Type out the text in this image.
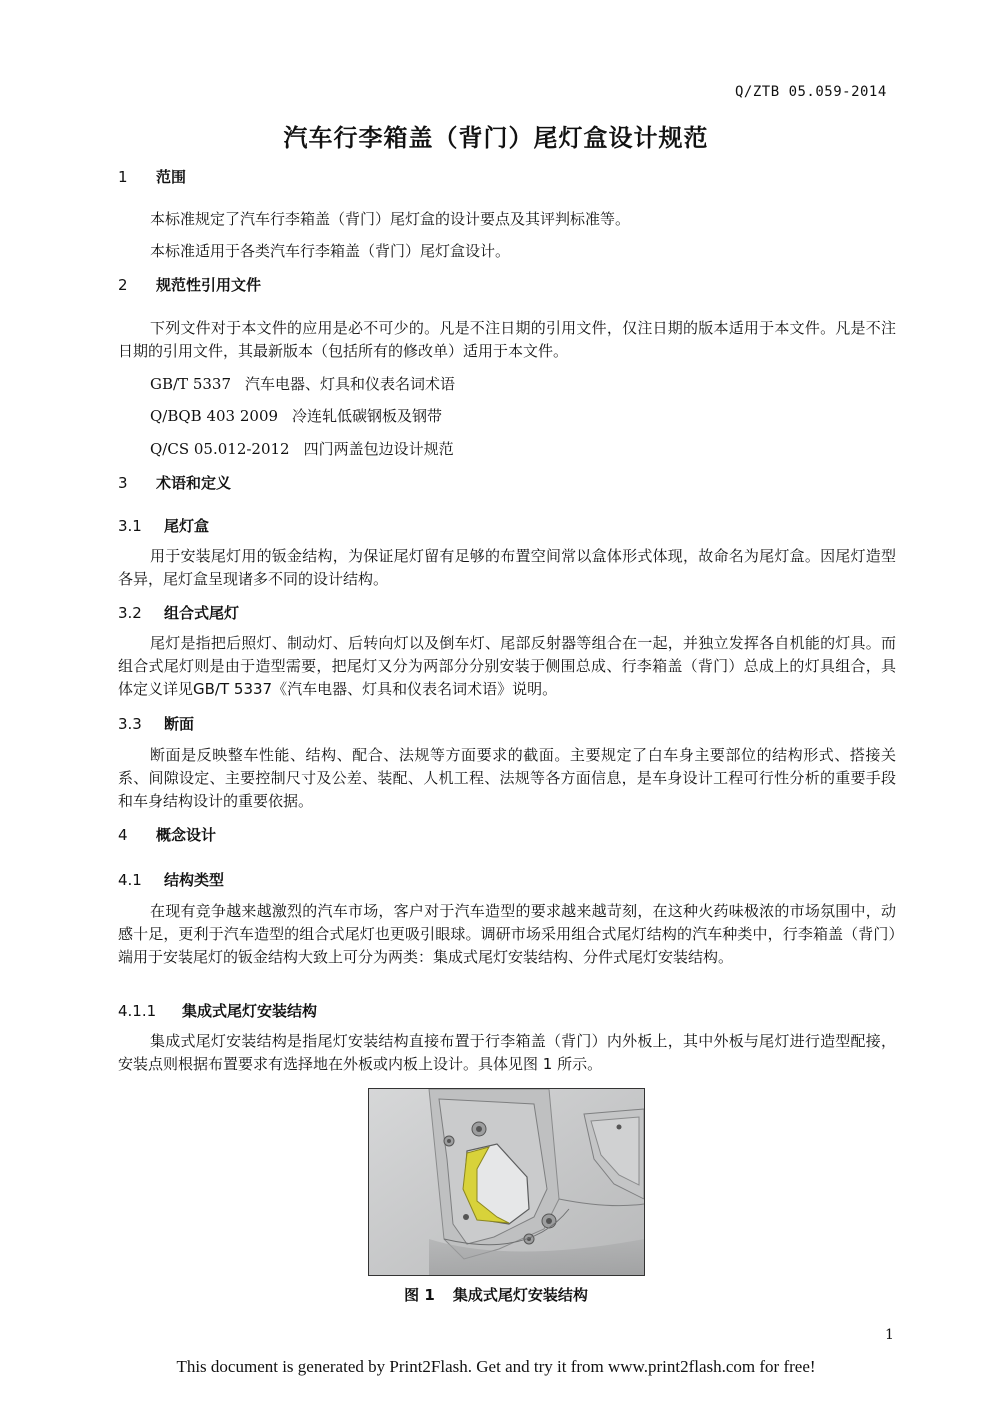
Q/ZTB 05.059-2014
汽车行李箱盖（背门）尾灯盒设计规范
1 范围
本标准规定了汽车行李箱盖（背门）尾灯盒的设计要点及其评判标准等。
本标准适用于各类汽车行李箱盖（背门）尾灯盒设计。
2 规范性引用文件
下列文件对于本文件的应用是必不可少的。凡是不注日期的引用文件，仅注日期的版本适用于本文件。凡是不注日期的引用文件，其最新版本（包括所有的修改单）适用于本文件。
GB/T 5337 汽车电器、灯具和仪表名词术语
Q/BQB 403 2009 冷连轧低碳钢板及钢带
Q/CS 05.012-2012 四门两盖包边设计规范
3 术语和定义
3.1 尾灯盒
用于安装尾灯用的钣金结构，为保证尾灯留有足够的布置空间常以盒体形式体现，故命名为尾灯盒。因尾灯造型各异，尾灯盒呈现诸多不同的设计结构。
3.2 组合式尾灯
尾灯是指把后照灯、制动灯、后转向灯以及倒车灯、尾部反射器等组合在一起，并独立发挥各自机能的灯具。而组合式尾灯则是由于造型需要，把尾灯又分为两部分分别安装于侧围总成、行李箱盖（背门）总成上的灯具组合，具体定义详见GB/T 5337《汽车电器、灯具和仪表名词术语》说明。
3.3 断面
断面是反映整车性能、结构、配合、法规等方面要求的截面。主要规定了白车身主要部位的结构形式、搭接关系、间隙设定、主要控制尺寸及公差、装配、人机工程、法规等各方面信息，是车身设计工程可行性分析的重要手段和车身结构设计的重要依据。
4 概念设计
4.1 结构类型
在现有竞争越来越激烈的汽车市场，客户对于汽车造型的要求越来越苛刻，在这种火药味极浓的市场氛围中，动感十足，更利于汽车造型的组合式尾灯也更吸引眼球。调研市场采用组合式尾灯结构的汽车种类中，行李箱盖（背门）端用于安装尾灯的钣金结构大致上可分为两类：集成式尾灯安装结构、分件式尾灯安装结构。
4.1.1 集成式尾灯安装结构
集成式尾灯安装结构是指尾灯安装结构直接布置于行李箱盖（背门）内外板上，其中外板与尾灯进行造型配接，安装点则根据布置要求有选择地在外板或内板上设计。具体见图 1 所示。
图 1 集成式尾灯安装结构
1
This document is generated by Print2Flash. Get and try it from www.print2flash.com for free!
